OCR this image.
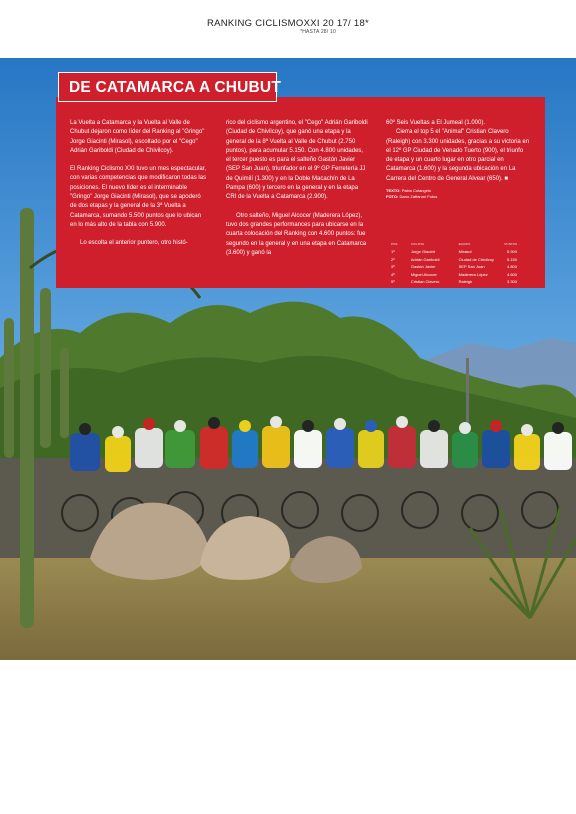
RANKING CICLISMOXXI 20 17/ 18*
*HASTA 28/ 10
DE CATAMARCA A CHUBUT

La Vuelta a Catamarca y la Vuelta al Valle de Chubut dejaron como líder del Ranking al "Gringo" Jorge Giacinti (Mirasol), escoltado por el "Cego" Adrián Gariboldi (Ciudad de Chivilcoy).

El Ranking Ciclismo XXI tuvo un mes espectacular, con varias competencias que modificaron todas las posiciones. El nuevo líder es el interminable "Gringo" Jorge Giacinti (Mirasol), que se apoderó de dos etapas y la general de la 3ª Vuelta a Catamarca, sumando 5.500 puntos que lo ubican en lo más alto de la tabla con 5.900.

Lo escolta el anterior puntero, otro histó-

rico del ciclismo argentino, el "Cego" Adrián Gariboldi (Ciudad de Chivilcoy), que ganó una etapa y la general de la 8ª Vuelta al Valle de Chubut (2.750 puntos), para acumular 5.150. Con 4.800 unidades, el tercer puesto es para el salteño Gastón Javier (SEP San Juan), triunfador en el 9º GP Ferretería JJ de Quimilí (1.300) y en la Doble Macachín de La Pampa (600) y tercero en la general y en la etapa CRI de la Vuelta a Catamarca (2.900).

Otro salteño, Miguel Alcocer (Maderera López), tuvo dos grandes performances para ubicarse en la cuarta colocación del Ranking con 4.600 puntos: fue segundo en la general y en una etapa en Catamarca (3.600) y ganó la

60º Seis Vueltas a El Jumeal (1.000).

Cierra el top 5 el "Animal" Cristian Clavero (Raleigh) con 3.300 unidades, gracias a su victoria en el 12º GP Ciudad de Venado Tuerto (900), el triunfo de etapa y un cuarto lugar en otro parcial en Catamarca (1.600) y la segunda ubicación en La Carrera del Centro de General Alvear (650). ■

TEXTO: Pablo Colangelo
FOTO: Darío Zaffaroni Fotos
POS.	CICLISTA	EQUIPO	PUNTOS
1º	Jorge Giacinti	Mirasol	5.900
2º	Adrián Gariboldi	Ciudad de Chivilcoy	5.150
3º	Gastón Javier	SEP San Juan	4.800
4º	Miguel Alcocer	Maderera López	4.600
5º	Cristian Clavero	Raleigh	3.300
